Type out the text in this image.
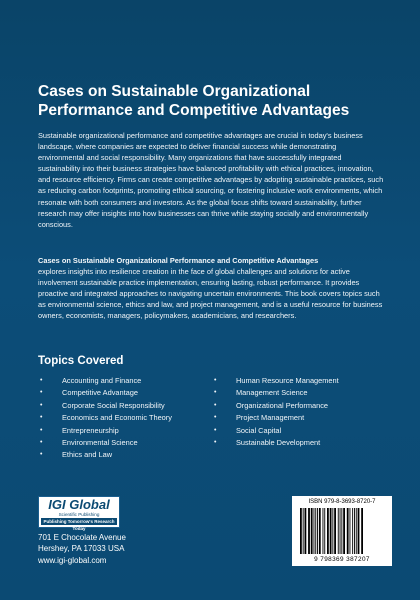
Cases on Sustainable Organizational Performance and Competitive Advantages

Sustainable organizational performance and competitive advantages are crucial in today's business landscape, where companies are expected to deliver financial success while demonstrating environmental and social responsibility. Many organizations that have successfully integrated sustainability into their business strategies have balanced profitability with ethical practices, innovation, and resource efficiency. Firms can create competitive advantages by adopting sustainable practices, such as reducing carbon footprints, promoting ethical sourcing, or fostering inclusive work environments, which resonate with both consumers and investors. As the global focus shifts toward sustainability, further research may offer insights into how businesses can thrive while staying socially and environmentally conscious.

Cases on Sustainable Organizational Performance and Competitive Advantages
explores insights into resilience creation in the face of global challenges and solutions for active involvement sustainable practice implementation, ensuring lasting, robust performance. It provides proactive and integrated approaches to navigating uncertain environments. This book covers topics such as environmental science, ethics and law, and project management, and is a useful resource for business owners, economists, managers, policymakers, academicians, and researchers.

Topics Covered
• Accounting and Finance
• Competitive Advantage
• Corporate Social Responsibility
• Economics and Economic Theory
• Entrepreneurship
• Environmental Science
• Ethics and Law
• Human Resource Management
• Management Science
• Organizational Performance
• Project Management
• Social Capital
• Sustainable Development
IGI Global
Scientific Publishing
Publishing Tomorrow's Research Today
701 E Chocolate Avenue
Hershey, PA 17033 USA
www.igi-global.com
ISBN 979-8-3693-8720-7
9 798369 387207
